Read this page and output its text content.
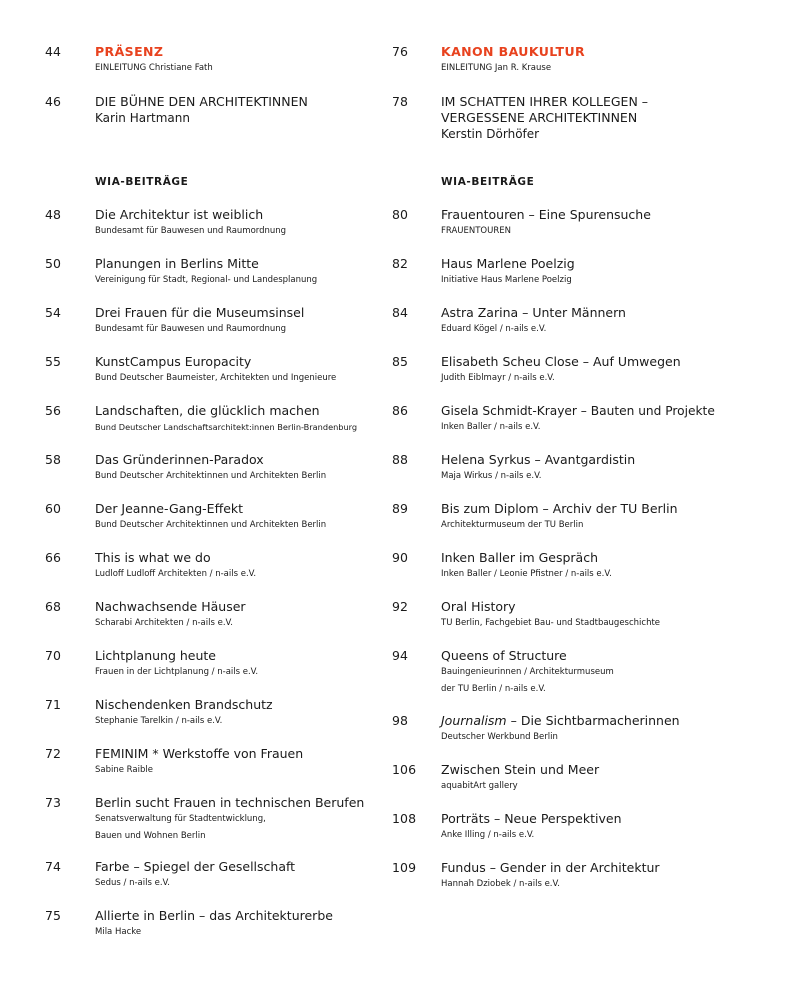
44	PRÄSENZ
EINLEITUNG Christiane Fath
46	DIE BÜHNE DEN ARCHITEKTINNEN
Karin Hartmann
WIA-BEITRÄGE
48	Die Architektur ist weiblich
Bundesamt für Bauwesen und Raumordnung
50	Planungen in Berlins Mitte
Vereinigung für Stadt, Regional- und Landesplanung
54	Drei Frauen für die Museumsinsel
Bundesamt für Bauwesen und Raumordnung
55	KunstCampus Europacity
Bund Deutscher Baumeister, Architekten und Ingenieure
56	Landschaften, die glücklich machen
Bund Deutscher Landschaftsarchitekt:innen Berlin-Brandenburg
58	Das Gründerinnen-Paradox
Bund Deutscher Architektinnen und Architekten Berlin
60	Der Jeanne-Gang-Effekt
Bund Deutscher Architektinnen und Architekten Berlin
66	This is what we do
Ludloff Ludloff Architekten / n-ails e.V.
68	Nachwachsende Häuser
Scharabi Architekten / n-ails e.V.
70	Lichtplanung heute
Frauen in der Lichtplanung / n-ails e.V.
71	Nischendenken Brandschutz
Stephanie Tarelkin / n-ails e.V.
72	FEMINIM * Werkstoffe von Frauen
Sabine Raible
73	Berlin sucht Frauen in technischen Berufen
Senatsverwaltung für Stadtentwicklung,
Bauen und Wohnen Berlin
74	Farbe – Spiegel der Gesellschaft
Sedus / n-ails e.V.
75	Allierte in Berlin – das Architekturerbe
Mila Hacke
76	KANON BAUKULTUR
EINLEITUNG Jan R. Krause
78	IM SCHATTEN IHRER KOLLEGEN –
VERGESSENE ARCHITEKTINNEN
Kerstin Dörhöfer
WIA-BEITRÄGE
80	Frauentouren – Eine Spurensuche
FRAUENTOUREN
82	Haus Marlene Poelzig
Initiative Haus Marlene Poelzig
84	Astra Zarina – Unter Männern
Eduard Kögel / n-ails e.V.
85	Elisabeth Scheu Close – Auf Umwegen
Judith Eiblmayr / n-ails e.V.
86	Gisela Schmidt-Krayer – Bauten und Projekte
Inken Baller / n-ails e.V.
88	Helena Syrkus – Avantgardistin
Maja Wirkus / n-ails e.V.
89	Bis zum Diplom – Archiv der TU Berlin
Architekturmuseum der TU Berlin
90	Inken Baller im Gespräch
Inken Baller / Leonie Pfistner / n-ails e.V.
92	Oral History
TU Berlin, Fachgebiet Bau- und Stadtbaugeschichte
94	Queens of Structure
Bauingenieurinnen / Architekturmuseum
der TU Berlin / n-ails e.V.
98	Journalism – Die Sichtbarmacherinnen
Deutscher Werkbund Berlin
106 Zwischen Stein und Meer
aquabitArt gallery
108 Porträts – Neue Perspektiven
Anke Illing / n-ails e.V.
109 Fundus – Gender in der Architektur
Hannah Dziobek / n-ails e.V.
